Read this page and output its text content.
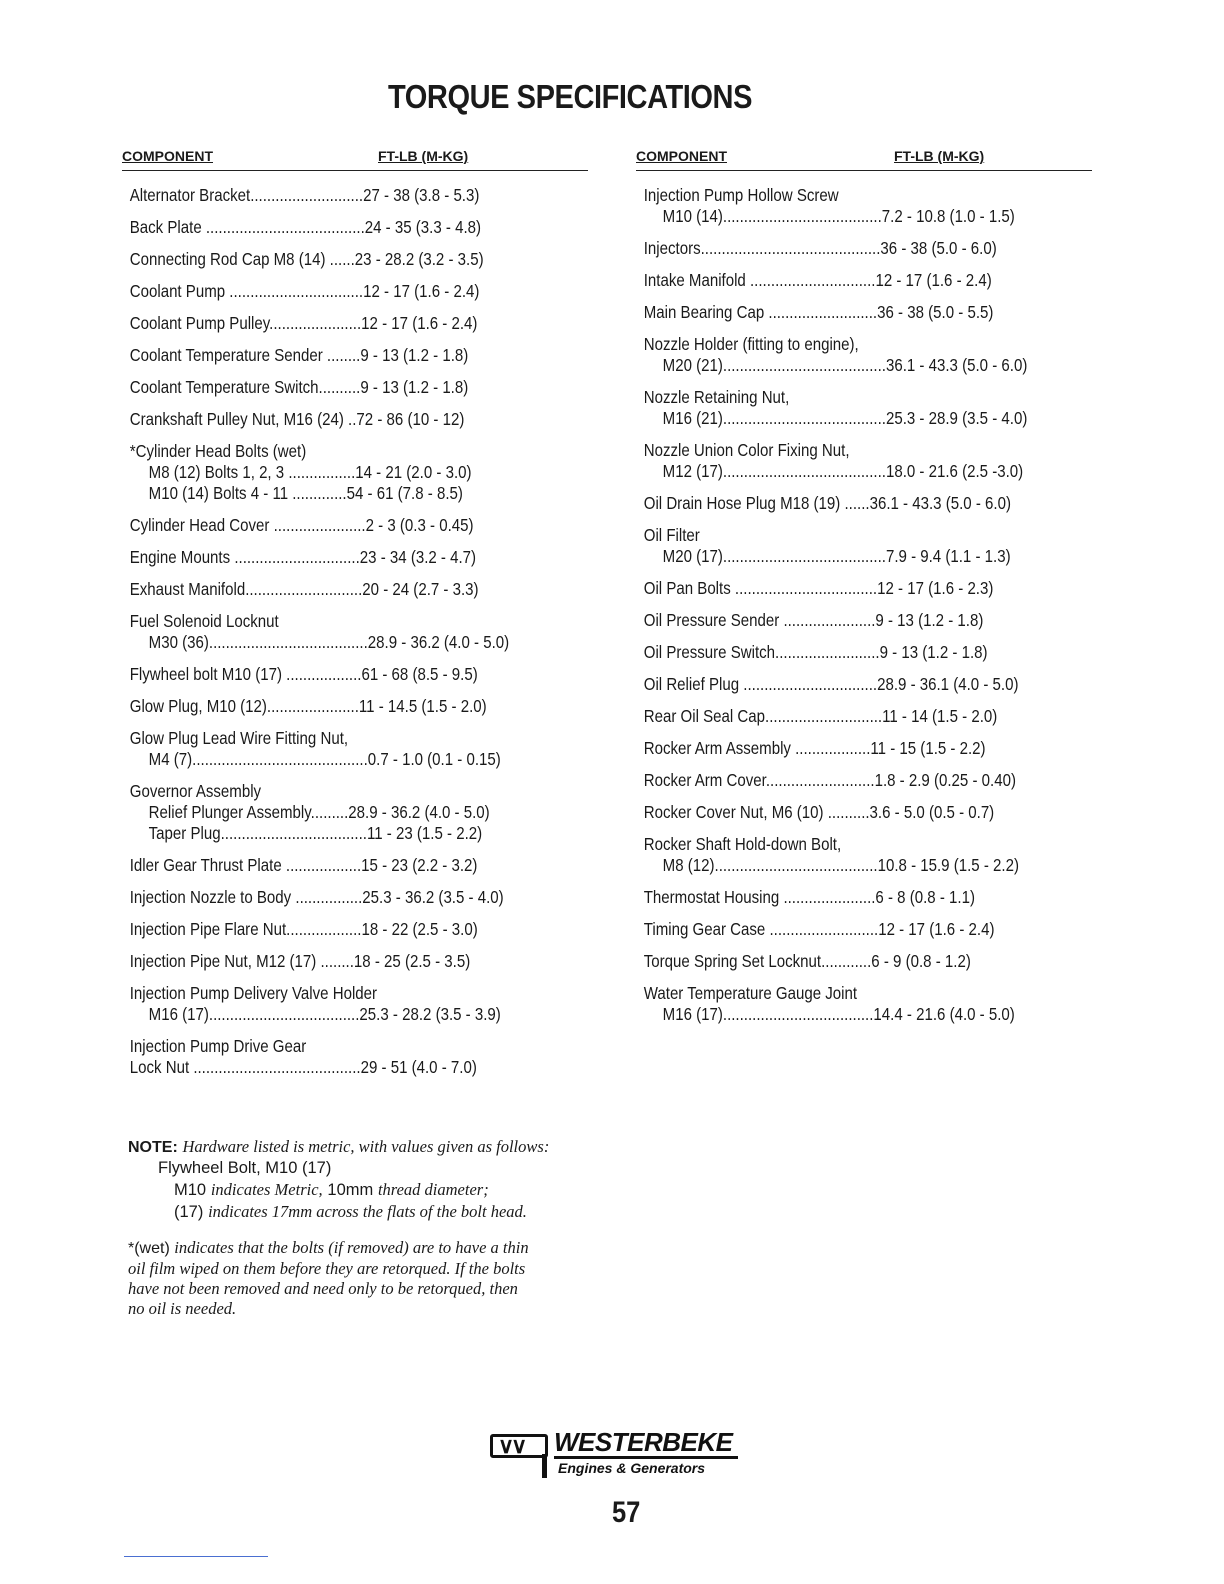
TORQUE SPECIFICATIONS
COMPONENT	FT-LB (M-KG)
Alternator Bracket...........................27 - 38 (3.8 - 5.3)
Back Plate ......................................24 - 35 (3.3 - 4.8)
Connecting Rod Cap M8 (14) ......23 - 28.2 (3.2 - 3.5)
Coolant Pump ................................12 - 17 (1.6 - 2.4)
Coolant Pump Pulley......................12 - 17 (1.6 - 2.4)
Coolant Temperature Sender ........9 - 13 (1.2 - 1.8)
Coolant Temperature Switch..........9 - 13 (1.2 - 1.8)
Crankshaft Pulley Nut, M16 (24) ..72 - 86 (10 - 12)
*Cylinder Head Bolts (wet)
M8 (12) Bolts 1, 2, 3 ................14 - 21 (2.0 - 3.0)
M10 (14) Bolts 4 - 11 .............54 - 61 (7.8 - 8.5)
Cylinder Head Cover ......................2 - 3 (0.3 - 0.45)
Engine Mounts ..............................23 - 34 (3.2 - 4.7)
Exhaust Manifold............................20 - 24 (2.7 - 3.3)
Fuel Solenoid Locknut
M30 (36)......................................28.9 - 36.2 (4.0 - 5.0)
Flywheel bolt M10 (17) ..................61 - 68 (8.5 - 9.5)
Glow Plug, M10 (12)......................11 - 14.5 (1.5 - 2.0)
Glow Plug Lead Wire Fitting Nut,
M4 (7)..........................................0.7 - 1.0 (0.1 - 0.15)
Governor Assembly
Relief Plunger Assembly.........28.9 - 36.2 (4.0 - 5.0)
Taper Plug...................................11 - 23 (1.5 - 2.2)
Idler Gear Thrust Plate ..................15 - 23 (2.2 - 3.2)
Injection Nozzle to Body ................25.3 - 36.2 (3.5 - 4.0)
Injection Pipe Flare Nut..................18 - 22 (2.5 - 3.0)
Injection Pipe Nut, M12 (17) ........18 - 25 (2.5 - 3.5)
Injection Pump Delivery Valve Holder
M16 (17)....................................25.3 - 28.2 (3.5 - 3.9)
Injection Pump Drive Gear
Lock Nut ........................................29 - 51 (4.0 - 7.0)
COMPONENT	FT-LB (M-KG)
Injection Pump Hollow Screw
M10 (14)......................................7.2 - 10.8 (1.0 - 1.5)
Injectors...........................................36 - 38 (5.0 - 6.0)
Intake Manifold ..............................12 - 17 (1.6 - 2.4)
Main Bearing Cap ..........................36 - 38 (5.0 - 5.5)
Nozzle Holder (fitting to engine),
M20 (21).......................................36.1 - 43.3 (5.0 - 6.0)
Nozzle Retaining Nut,
M16 (21).......................................25.3 - 28.9 (3.5 - 4.0)
Nozzle Union Color Fixing Nut,
M12 (17).......................................18.0 - 21.6 (2.5 -3.0)
Oil Drain Hose Plug M18 (19) ......36.1 - 43.3 (5.0 - 6.0)
Oil Filter
M20 (17).......................................7.9 - 9.4 (1.1 - 1.3)
Oil Pan Bolts ..................................12 - 17 (1.6 - 2.3)
Oil Pressure Sender ......................9 - 13 (1.2 - 1.8)
Oil Pressure Switch.........................9 - 13 (1.2 - 1.8)
Oil Relief Plug ................................28.9 - 36.1 (4.0 - 5.0)
Rear Oil Seal Cap............................11 - 14 (1.5 - 2.0)
Rocker Arm Assembly ..................11 - 15 (1.5 - 2.2)
Rocker Arm Cover..........................1.8 - 2.9 (0.25 - 0.40)
Rocker Cover Nut, M6 (10) ..........3.6 - 5.0 (0.5 - 0.7)
Rocker Shaft Hold-down Bolt,
M8 (12).......................................10.8 - 15.9 (1.5 - 2.2)
Thermostat Housing ......................6 - 8 (0.8 - 1.1)
Timing Gear Case ..........................12 - 17 (1.6 - 2.4)
Torque Spring Set Locknut............6 - 9 (0.8 - 1.2)
Water Temperature Gauge Joint
M16 (17)....................................14.4 - 21.6 (4.0 - 5.0)
NOTE: Hardware listed is metric, with values given as follows:
Flywheel Bolt, M10 (17)
M10 indicates Metric, 10mm thread diameter;
(17) indicates 17mm across the flats of the bolt head.
*(wet) indicates that the bolts (if removed) are to have a thin
oil film wiped on them before they are retorqued. If the bolts
have not been removed and need only to be retorqued, then
no oil is needed.
∨∨ WESTERBEKE
Engines & Generators
57
